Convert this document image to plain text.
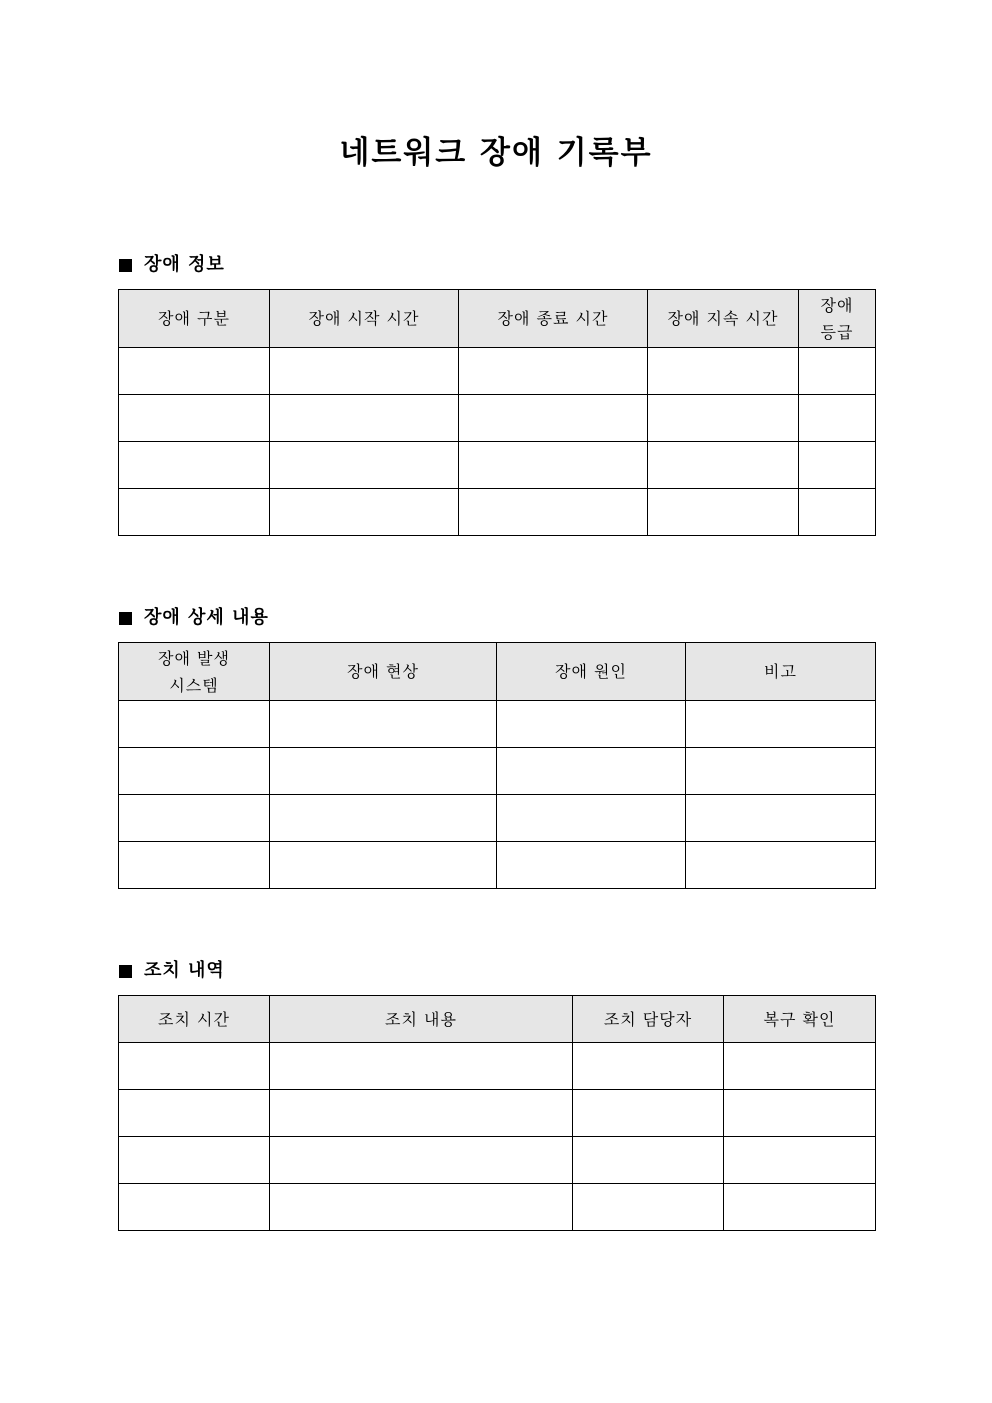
네트워크 장애 기록부
장애 정보
장애 구분	장애 시작 시간	장애 종료 시간	장애 지속 시간	장애
등급

장애 상세 내용
장애 발생
시스템	장애 현상	장애 원인	비고

조치 내역
조치 시간	조치 내용	조치 담당자	복구 확인
